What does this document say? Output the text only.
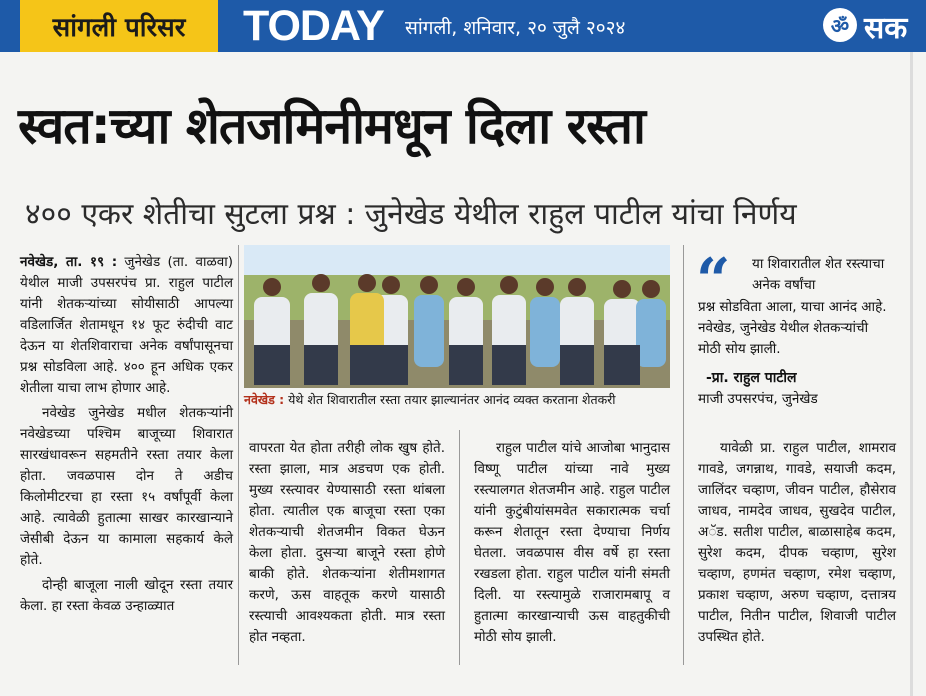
सांगली परिसर	TODAY सांगली, शनिवार, २० जुलै २०२४	ॐ सक
स्वत:च्या शेतजमिनीमधून दिला रस्ता
४०० एकर शेतीचा सुटला प्रश्न : जुनेखेड येथील राहुल पाटील यांचा निर्णय

नवेखेड, ता. १९ : जुनेखेड (ता. वाळवा) येथील माजी उपसरपंच प्रा. राहुल पाटील यांनी शेतकऱ्यांच्या सोयीसाठी आपल्या वडिलार्जित शेतामधून १४ फूट रुंदीची वाट देऊन या शेतशिवाराचा अनेक वर्षांपासूनचा प्रश्न सोडविला आहे. ४०० हून अधिक एकर शेतीला याचा लाभ होणार आहे.

नवेखेड जुनेखेड मधील शेतकऱ्यांनी नवेखेडच्या पश्चिम बाजूच्या शिवारात सारखंधावरून सहमतीने रस्ता तयार केला होता. जवळपास दोन ते अडीच किलोमीटरचा हा रस्ता १५ वर्षांपूर्वी केला आहे. त्यावेळी हुतात्मा साखर कारखान्याने जेसीबी देऊन या कामाला सहकार्य केले होते.

दोन्ही बाजूला नाली खोदून रस्ता तयार केला. हा रस्ता केवळ उन्हाळ्यात

नवेखेड : येथे शेत शिवारातील रस्ता तयार झाल्यानंतर आनंद व्यक्त करताना शेतकरी

वापरता येत होता तरीही लोक खुष होते. रस्ता झाला, मात्र अडचण एक होती. मुख्य रस्त्यावर येण्यासाठी रस्ता थांबला होता. त्यातील एक बाजूचा रस्ता एका शेतकऱ्याची शेतजमीन विकत घेऊन केला होता. दुसऱ्या बाजूने रस्ता होणे बाकी होते. शेतकऱ्यांना शेतीमशागत करणे, ऊस वाहतूक करणे यासाठी रस्त्याची आवश्यकता होती. मात्र रस्ता होत नव्हता.

राहुल पाटील यांचे आजोबा भानुदास विष्णू पाटील यांच्या नावे मुख्य रस्त्यालगत शेतजमीन आहे. राहुल पाटील यांनी कुटुंबीयांसमवेत सकारात्मक चर्चा करून शेतातून रस्ता देण्याचा निर्णय घेतला. जवळपास वीस वर्षे हा रस्ता रखडला होता. राहुल पाटील यांनी संमती दिली. या रस्त्यामुळे राजारामबापू व हुतात्मा कारखान्याची ऊस वाहतुकीची मोठी सोय झाली.

“ या शिवारातील शेत रस्त्याचा अनेक वर्षांचा
प्रश्न सोडविता आला, याचा आनंद आहे. नवेखेड, जुनेखेड येथील शेतकऱ्यांची मोठी सोय झाली.
-प्रा. राहुल पाटील
माजी उपसरपंच, जुनेखेड

यावेळी प्रा. राहुल पाटील, शामराव गावडे, जगन्नाथ, गावडे, सयाजी कदम, जालिंदर चव्हाण, जीवन पाटील, हौसेराव जाधव, नामदेव जाधव, सुखदेव पाटील, अॅड. सतीश पाटील, बाळासाहेब कदम, सुरेश कदम, दीपक चव्हाण, सुरेश चव्हाण, हणमंत चव्हाण, रमेश चव्हाण, प्रकाश चव्हाण, अरुण चव्हाण, दत्तात्रय पाटील, नितीन पाटील, शिवाजी पाटील उपस्थित होते.
